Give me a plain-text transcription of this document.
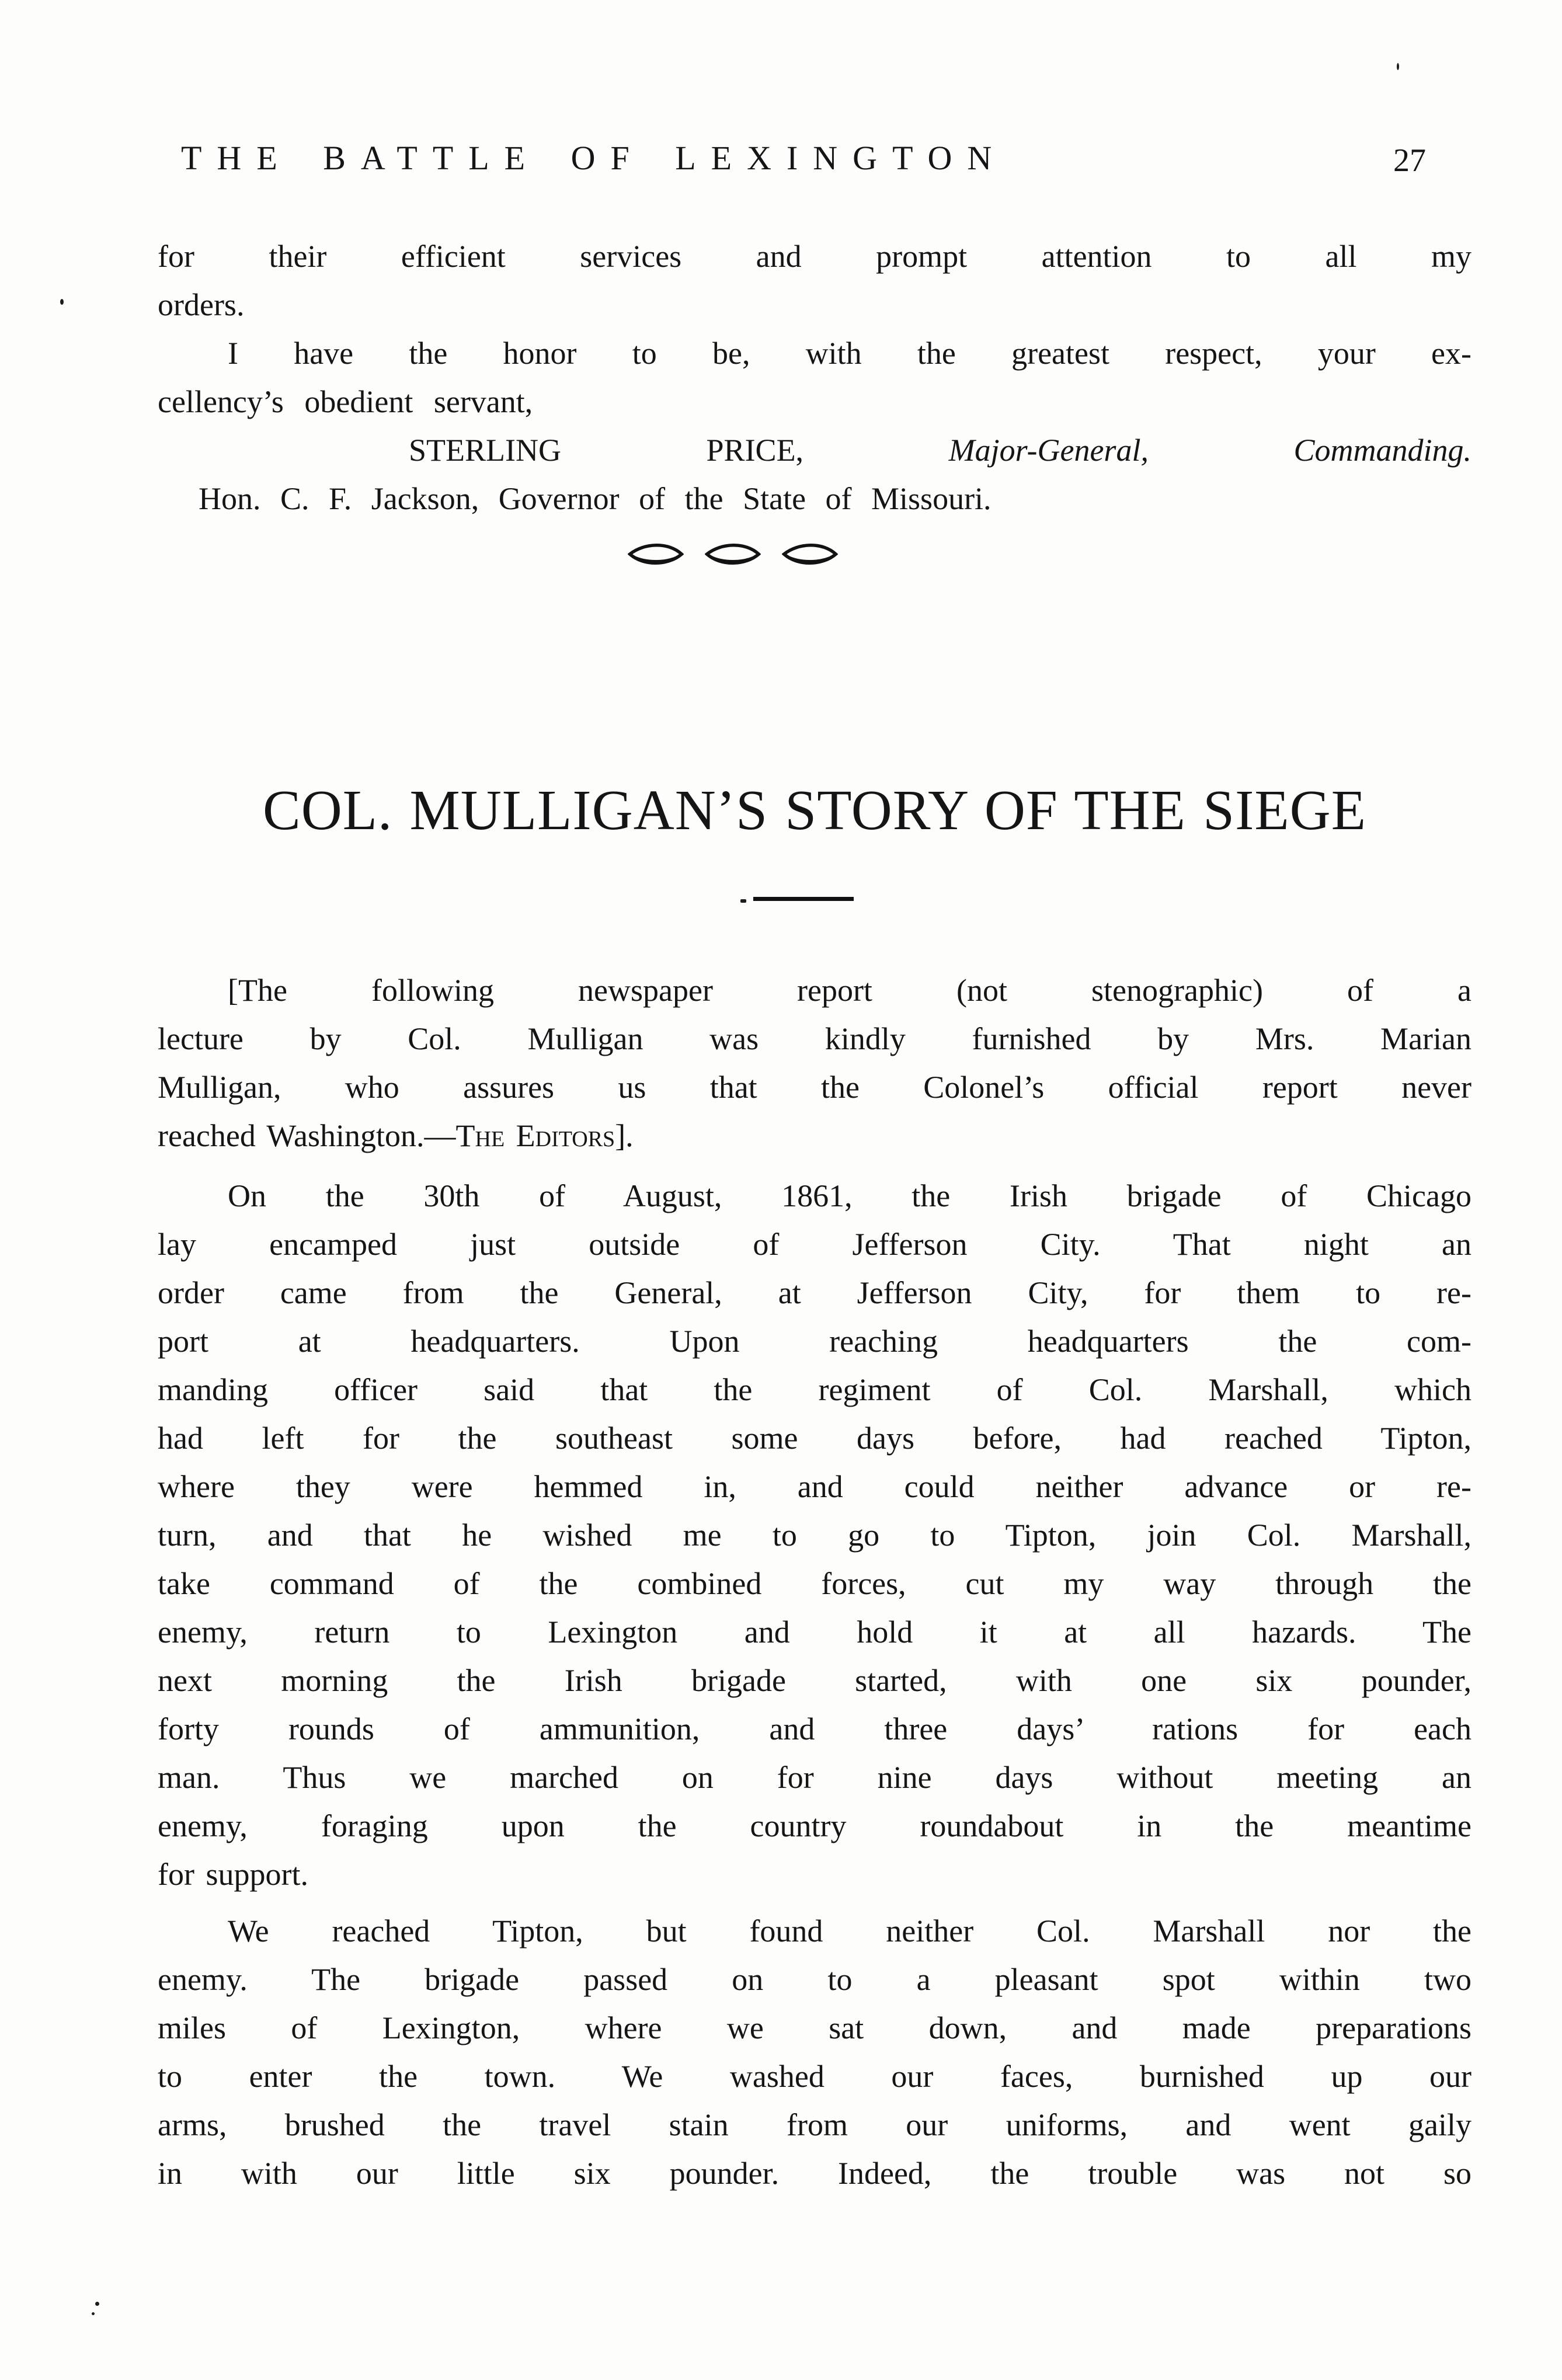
THE BATTLE OF LEXINGTON	27
for their efficient services and prompt attention to all my
orders.
I have the honor to be, with the greatest respect, your ex-
cellency’s obedient servant,
STERLING PRICE,	Major-General, Commanding.
Hon. C. F. Jackson, Governor of the State of Missouri.
COL. MULLIGAN’S STORY OF THE SIEGE
[The following newspaper report (not stenographic) of a
lecture by Col. Mulligan was kindly furnished by Mrs. Marian
Mulligan, who assures us that the Colonel’s official report never
reached Washington.—The Editors].
On the 30th of August, 1861, the Irish brigade of Chicago
lay encamped just outside of Jefferson City. That night an
order came from the General, at Jefferson City, for them to re-
port at headquarters. Upon reaching headquarters the com-
manding officer said that the regiment of Col. Marshall, which
had left for the southeast some days before, had reached Tipton,
where they were hemmed in, and could neither advance or re-
turn, and that he wished me to go to Tipton, join Col. Marshall,
take command of the combined forces, cut my way through the
enemy, return to Lexington and hold it at all hazards. The
next morning the Irish brigade started, with one six pounder,
forty rounds of ammunition, and three days’ rations for each
man. Thus we marched on for nine days without meeting an
enemy, foraging upon the country roundabout in the meantime
for support.
We reached Tipton, but found neither Col. Marshall nor the
enemy. The brigade passed on to a pleasant spot within two
miles of Lexington, where we sat down, and made preparations
to enter the town. We washed our faces, burnished up our
arms, brushed the travel stain from our uniforms, and went gaily
in with our little six pounder. Indeed, the trouble was not so
